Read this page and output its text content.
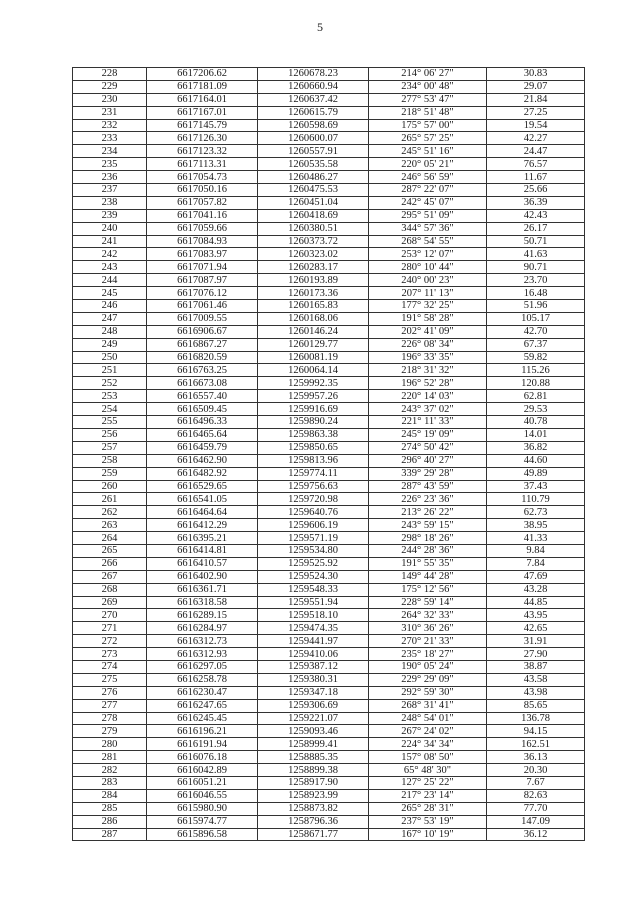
5
228	6617206.62	1260678.23	214° 06' 27"	30.83
229	6617181.09	1260660.94	234° 00' 48"	29.07
230	6617164.01	1260637.42	277° 53' 47"	21.84
231	6617167.01	1260615.79	218° 51' 48"	27.25
232	6617145.79	1260598.69	175° 57' 00"	19.54
233	6617126.30	1260600.07	265° 57' 25"	42.27
234	6617123.32	1260557.91	245° 51' 16"	24.47
235	6617113.31	1260535.58	220° 05' 21"	76.57
236	6617054.73	1260486.27	246° 56' 59"	11.67
237	6617050.16	1260475.53	287° 22' 07"	25.66
238	6617057.82	1260451.04	242° 45' 07"	36.39
239	6617041.16	1260418.69	295° 51' 09"	42.43
240	6617059.66	1260380.51	344° 57' 36"	26.17
241	6617084.93	1260373.72	268° 54' 55"	50.71
242	6617083.97	1260323.02	253° 12' 07"	41.63
243	6617071.94	1260283.17	280° 10' 44"	90.71
244	6617087.97	1260193.89	240° 00' 23"	23.70
245	6617076.12	1260173.36	207° 11' 13"	16.48
246	6617061.46	1260165.83	177° 32' 25"	51.96
247	6617009.55	1260168.06	191° 58' 28"	105.17
248	6616906.67	1260146.24	202° 41' 09"	42.70
249	6616867.27	1260129.77	226° 08' 34"	67.37
250	6616820.59	1260081.19	196° 33' 35"	59.82
251	6616763.25	1260064.14	218° 31' 32"	115.26
252	6616673.08	1259992.35	196° 52' 28"	120.88
253	6616557.40	1259957.26	220° 14' 03"	62.81
254	6616509.45	1259916.69	243° 37' 02"	29.53
255	6616496.33	1259890.24	221° 11' 33"	40.78
256	6616465.64	1259863.38	245° 19' 09"	14.01
257	6616459.79	1259850.65	274° 50' 42"	36.82
258	6616462.90	1259813.96	296° 40' 27"	44.60
259	6616482.92	1259774.11	339° 29' 28"	49.89
260	6616529.65	1259756.63	287° 43' 59"	37.43
261	6616541.05	1259720.98	226° 23' 36"	110.79
262	6616464.64	1259640.76	213° 26' 22"	62.73
263	6616412.29	1259606.19	243° 59' 15"	38.95
264	6616395.21	1259571.19	298° 18' 26"	41.33
265	6616414.81	1259534.80	244° 28' 36"	9.84
266	6616410.57	1259525.92	191° 55' 35"	7.84
267	6616402.90	1259524.30	149° 44' 28"	47.69
268	6616361.71	1259548.33	175° 12' 56"	43.28
269	6616318.58	1259551.94	228° 59' 14"	44.85
270	6616289.15	1259518.10	264° 32' 33"	43.95
271	6616284.97	1259474.35	310° 36' 26"	42.65
272	6616312.73	1259441.97	270° 21' 33"	31.91
273	6616312.93	1259410.06	235° 18' 27"	27.90
274	6616297.05	1259387.12	190° 05' 24"	38.87
275	6616258.78	1259380.31	229° 29' 09"	43.58
276	6616230.47	1259347.18	292° 59' 30"	43.98
277	6616247.65	1259306.69	268° 31' 41"	85.65
278	6616245.45	1259221.07	248° 54' 01"	136.78
279	6616196.21	1259093.46	267° 24' 02"	94.15
280	6616191.94	1258999.41	224° 34' 34"	162.51
281	6616076.18	1258885.35	157° 08' 50"	36.13
282	6616042.89	1258899.38	65° 48' 30"	20.30
283	6616051.21	1258917.90	127° 25' 22"	7.67
284	6616046.55	1258923.99	217° 23' 14"	82.63
285	6615980.90	1258873.82	265° 28' 31"	77.70
286	6615974.77	1258796.36	237° 53' 19"	147.09
287	6615896.58	1258671.77	167° 10' 19"	36.12
